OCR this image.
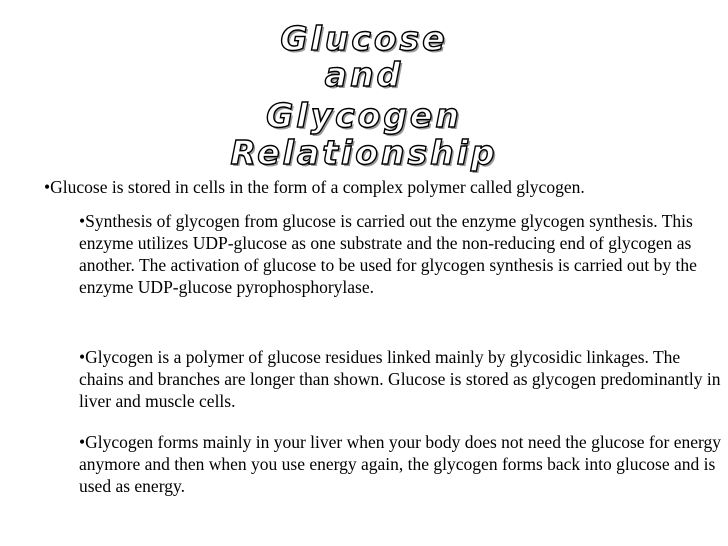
Glucose
and
Glycogen
Relationship
•Glucose is stored in cells in the form of a complex polymer called glycogen.
•Synthesis of glycogen from glucose is carried out the enzyme glycogen synthesis. This enzyme utilizes UDP-glucose as one substrate and the non-reducing end of glycogen as another. The activation of glucose to be used for glycogen synthesis is carried out by the enzyme UDP-glucose pyrophosphorylase.
•Glycogen is a polymer of glucose residues linked mainly by glycosidic linkages. The chains and branches are longer than shown. Glucose is stored as glycogen predominantly in liver and muscle cells.
•Glycogen forms mainly in your liver when your body does not need the glucose for energy anymore and then when you use energy again, the glycogen forms back into glucose and is used as energy.
